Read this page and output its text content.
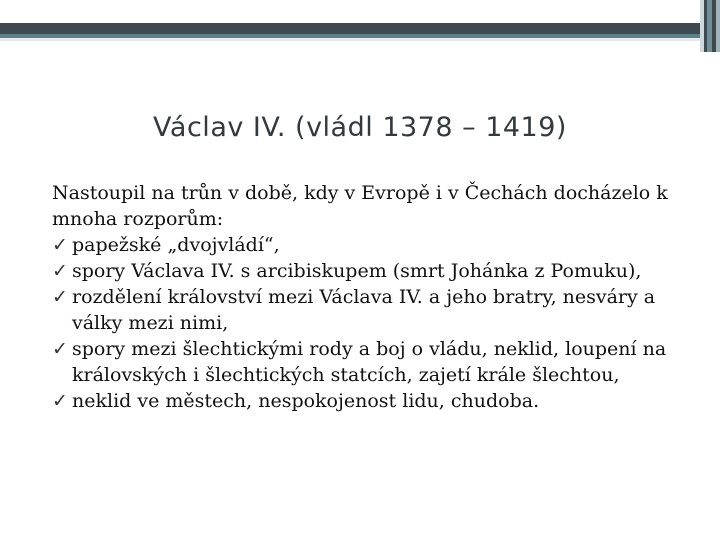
Václav IV. (vládl 1378 – 1419)

Nastoupil na trůn v době, kdy v Evropě i v Čechách docházelo k mnoha rozporům:

✓ papežské „dvojvládí“,
✓ spory Václava IV. s arcibiskupem (smrt Johánka z Pomuku),
✓ rozdělení království mezi Václava IV. a jeho bratry, nesváry a války mezi nimi,
✓ spory mezi šlechtickými rody a boj o vládu, neklid, loupení na královských i šlechtických statcích, zajetí krále šlechtou,
✓ neklid ve městech, nespokojenost lidu, chudoba.
